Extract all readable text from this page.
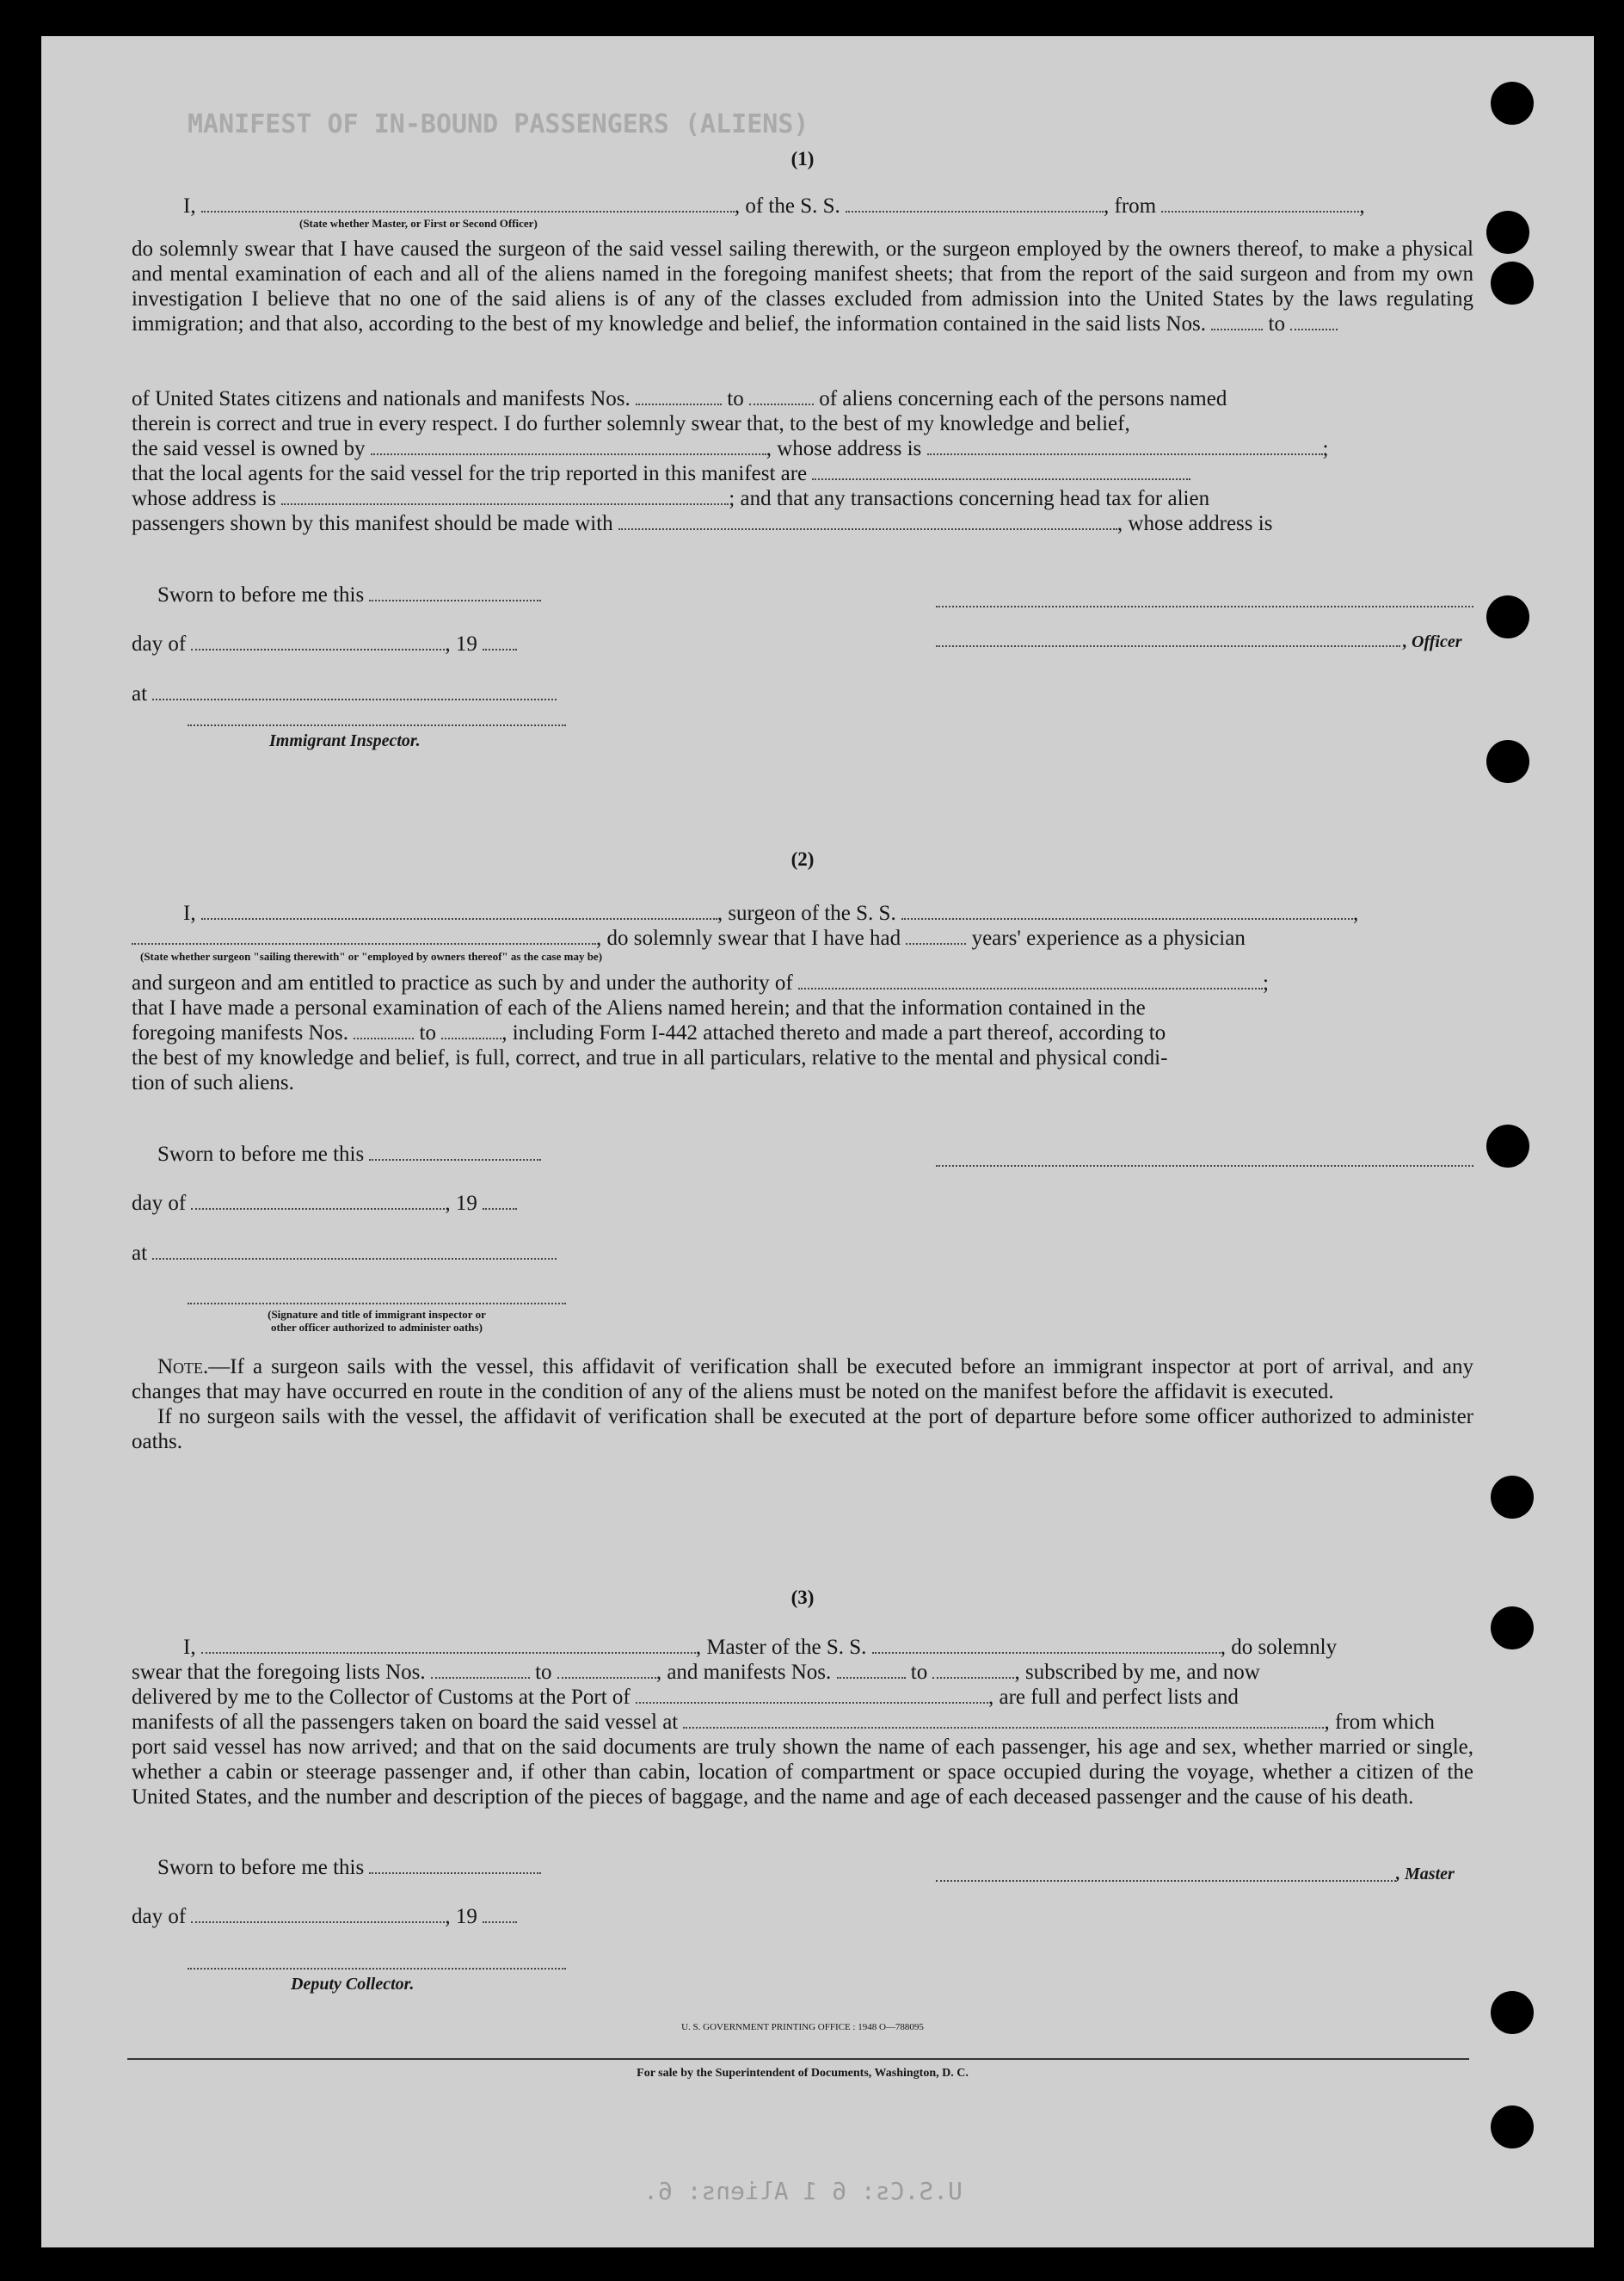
MANIFEST OF IN-BOUND PASSENGERS (ALIENS)
(1)
I,	, of the S. S.	, from	,
(State whether Master, or First or Second Officer)

do solemnly swear that I have caused the surgeon of the said vessel sailing therewith, or the surgeon employed by the owners thereof, to make a physical and mental examination of each and all of the aliens named in the foregoing manifest sheets; that from the report of the said surgeon and from my own investigation I believe that no one of the said aliens is of any of the classes excluded from admission into the United States by the laws regulating immigration; and that also, according to the best of my knowledge and belief, the information contained in the said lists Nos.	to

of United States citizens and nationals and manifests Nos.	to	of aliens concerning each of the persons named
therein is correct and true in every respect. I do further solemnly swear that, to the best of my knowledge and belief,
the said vessel is owned by	, whose address is	;
that the local agents for the said vessel for the trip reported in this manifest are
whose address is	; and that any transactions concerning head tax for alien
passengers shown by this manifest should be made with	, whose address is
Sworn to before me this
day of	, 19	, Officer
at
Immigrant Inspector.
(2)
I,	, surgeon of the S. S.	,
, do solemnly swear that I have had	years' experience as a physician
(State whether surgeon "sailing therewith" or "employed by owners thereof" as the case may be)
and surgeon and am entitled to practice as such by and under the authority of	;
that I have made a personal examination of each of the Aliens named herein; and that the information contained in the
foregoing manifests Nos.	to	, including Form I-442 attached thereto and made a part thereof, according to
the best of my knowledge and belief, is full, correct, and true in all particulars, relative to the mental and physical condi-
tion of such aliens.
Sworn to before me this
day of	, 19
at
(Signature and title of immigrant inspector or
other officer authorized to administer oaths)

Note.—If a surgeon sails with the vessel, this affidavit of verification shall be executed before an immigrant inspector at port of arrival, and any changes that may have occurred en route in the condition of any of the aliens must be noted on the manifest before the affidavit is executed.

If no surgeon sails with the vessel, the affidavit of verification shall be executed at the port of departure before some officer authorized to administer oaths.

(3)
I,	, Master of the S. S.	, do solemnly
swear that the foregoing lists Nos.	to	, and manifests Nos.	to	, subscribed by me, and now
delivered by me to the Collector of Customs at the Port of	, are full and perfect lists and
manifests of all the passengers taken on board the said vessel at	, from which
port said vessel has now arrived; and that on the said documents are truly shown the name of each passenger, his age and sex, whether married or single, whether a cabin or steerage passenger and, if other than cabin, location of compartment or space occupied during the voyage, whether a citizen of the United States, and the number and description of the pieces of baggage, and the name and age of each deceased passenger and the cause of his death.
Sworn to before me this	, Master
day of	, 19
Deputy Collector.
U. S. GOVERNMENT PRINTING OFFICE : 1948 O—788095
For sale by the Superintendent of Documents, Washington, D. C.
U.S.Cs: 6 1 Aliens: 6.
